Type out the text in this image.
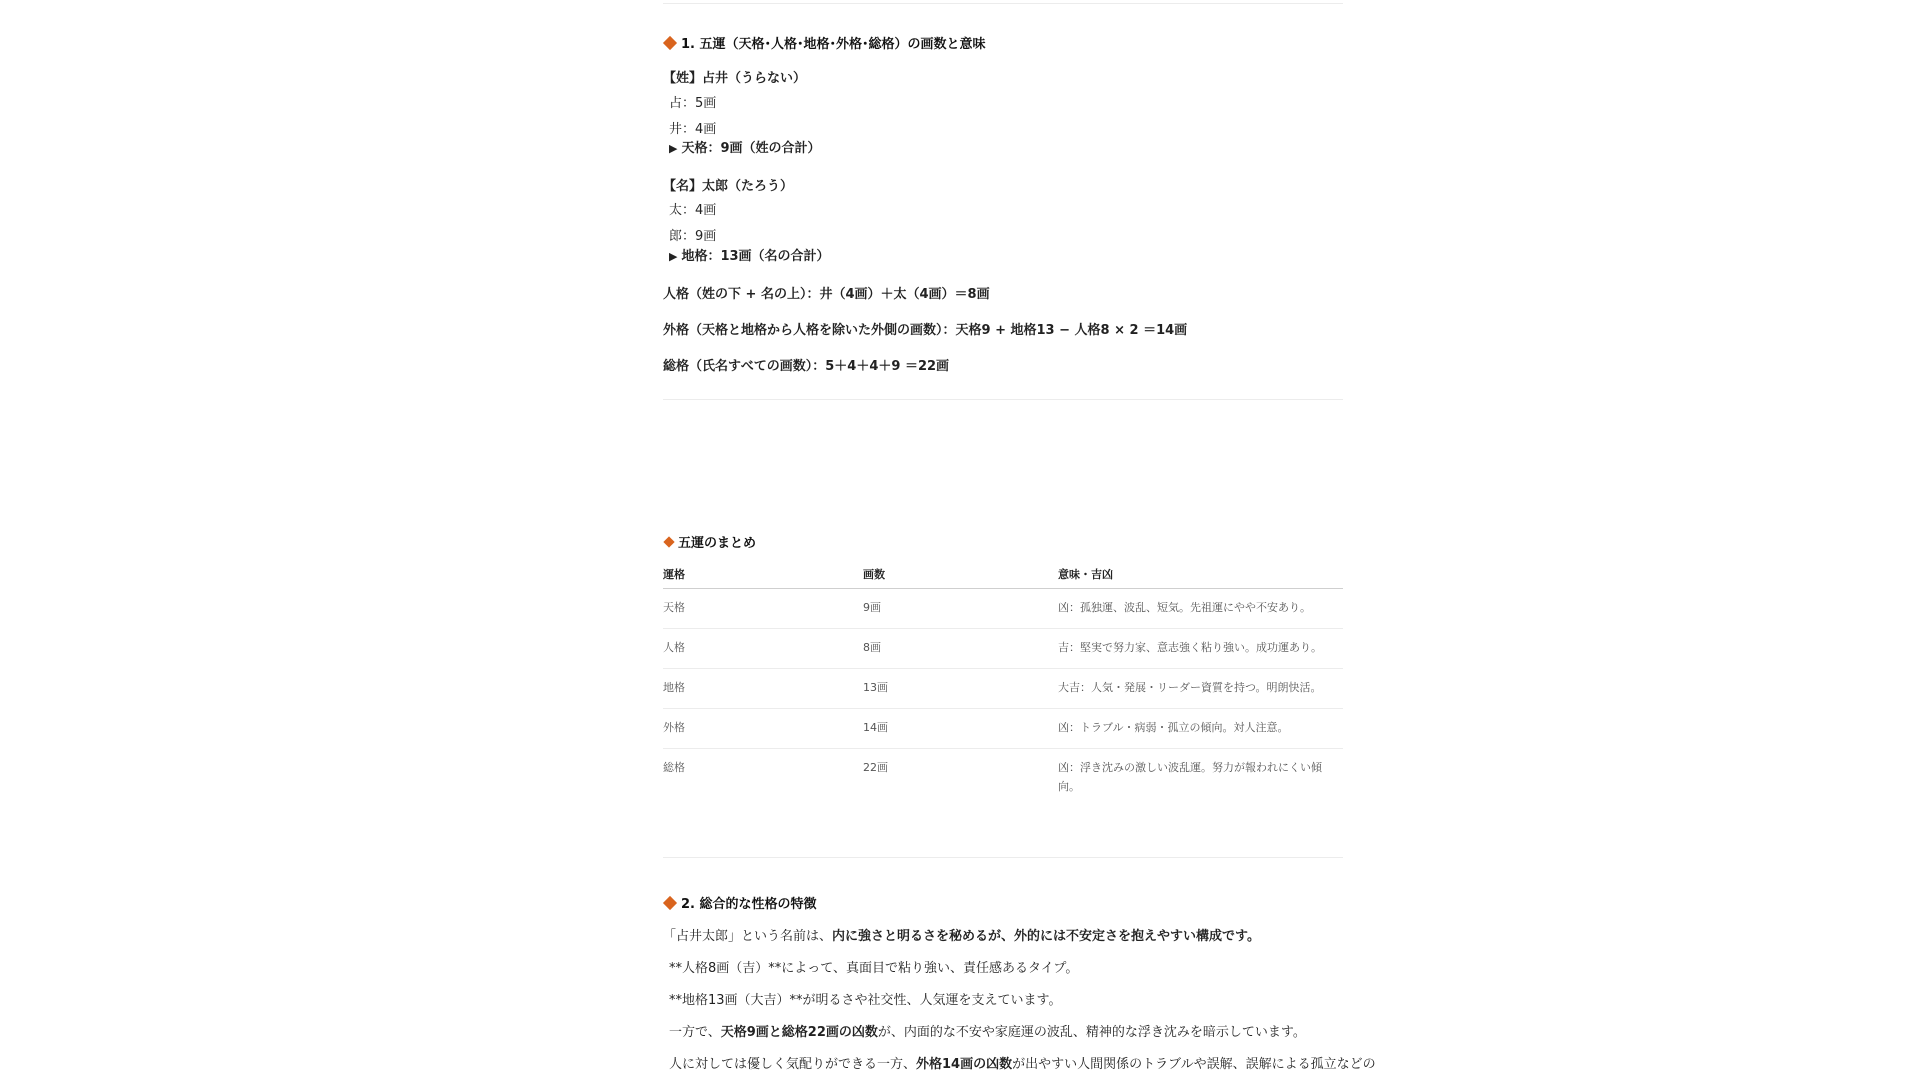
1. 五運（天格･人格･地格･外格･総格）の画数と意味
【姓】占井（うらない）
占：5画
井：4画
▶ 天格：9画（姓の合計）
【名】太郎（たろう）
太：4画
郎：9画
▶ 地格：13画（名の合計）
人格（姓の下 + 名の上）：井（4画）＋太（4画）＝8画
外格（天格と地格から人格を除いた外側の画数）：天格9 + 地格13 − 人格8 × 2 ＝14画
総格（氏名すべての画数）：5＋4＋4＋9 ＝22画
五運のまとめ
運格	画数	意味・吉凶
天格	9画	凶：孤独運、波乱、短気。先祖運にやや不安あり。
人格	8画	吉：堅実で努力家、意志強く粘り強い。成功運あり。
地格	13画	大吉：人気・発展・リーダー資質を持つ。明朗快活。
外格	14画	凶：トラブル・病弱・孤立の傾向。対人注意。
総格	22画	凶：浮き沈みの激しい波乱運。努力が報われにくい傾向。
2. 総合的な性格の特徴
「占井太郎」という名前は、内に強さと明るさを秘めるが、外的には不安定さを抱えやすい構成です。
**人格8画（吉）**によって、真面目で粘り強い、責任感あるタイプ。
**地格13画（大吉）**が明るさや社交性、人気運を支えています。
一方で、天格9画と総格22画の凶数が、内面的な不安や家庭運の波乱、精神的な浮き沈みを暗示しています。
人に対しては優しく気配りができる一方、外格14画の凶数が出やすい人間関係のトラブルや誤解、誤解による孤立などの
